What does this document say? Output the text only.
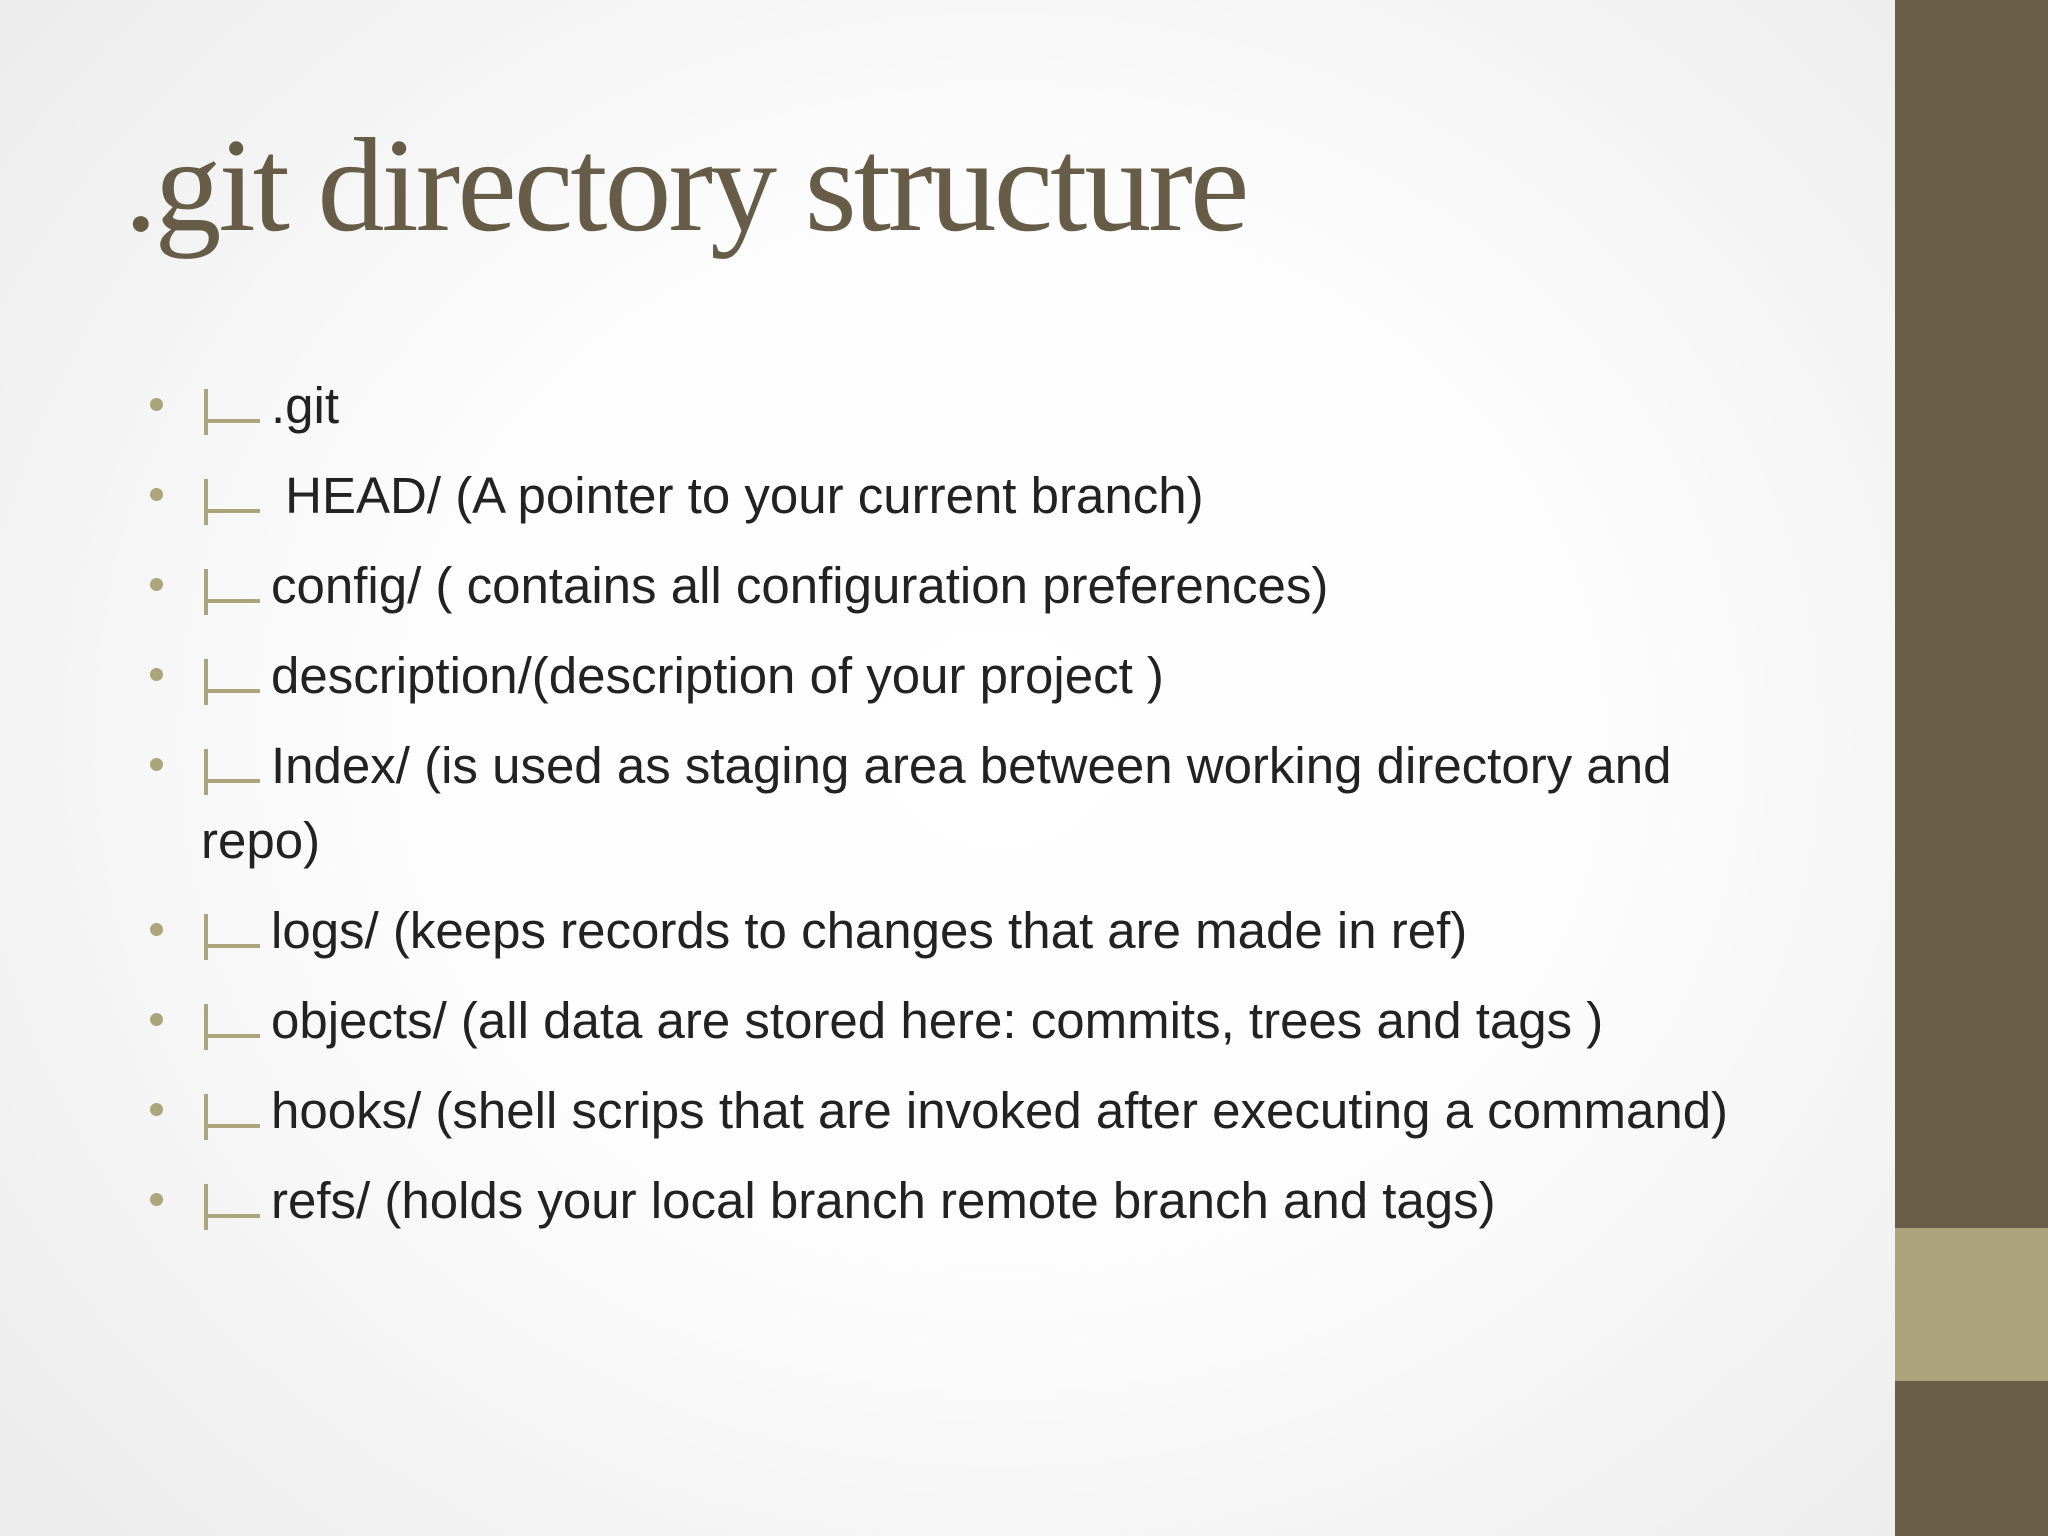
.git directory structure
.git
HEAD/ (A pointer to your current branch)
config/ ( contains all configuration preferences)
description/(description of your project )
Index/ (is used as staging area between working directory and repo)
logs/ (keeps records to changes that are made in ref)
objects/ (all data are stored here: commits, trees and tags )
hooks/ (shell scrips that are invoked after executing a command)
refs/ (holds your local branch remote branch and tags)
